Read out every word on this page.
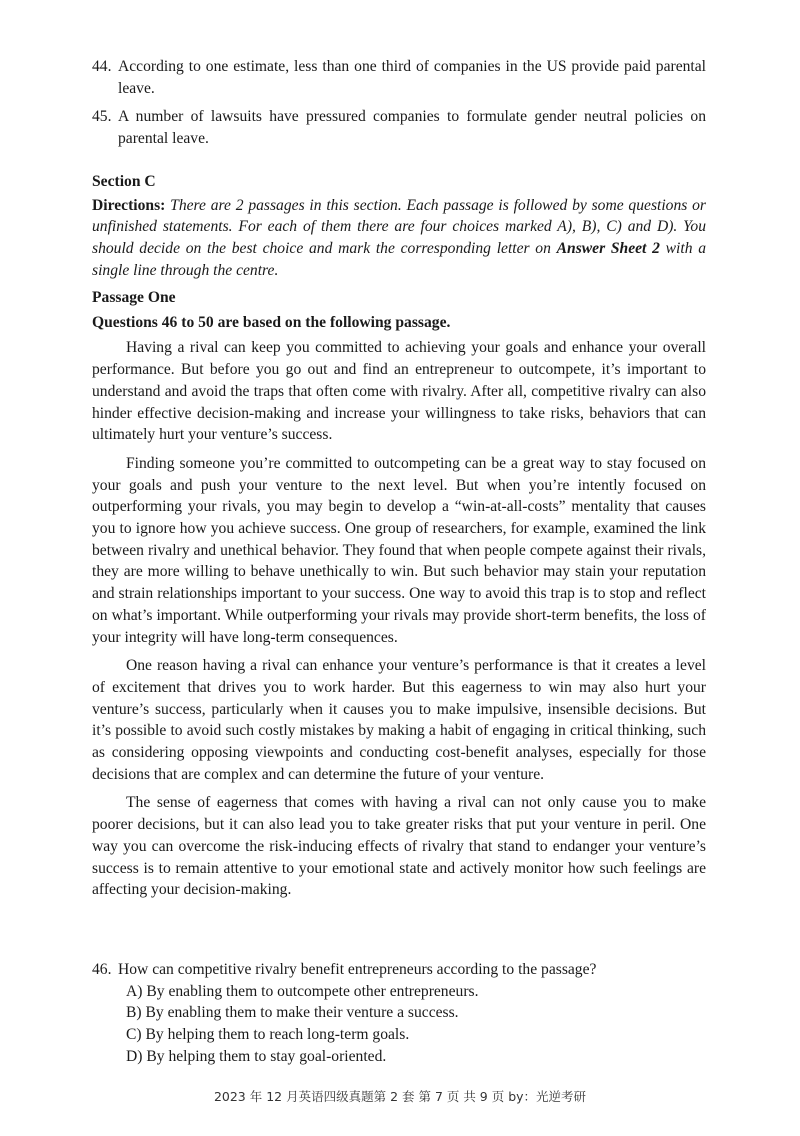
44. According to one estimate, less than one third of companies in the US provide paid parental leave.
45. A number of lawsuits have pressured companies to formulate gender neutral policies on parental leave.
Section C
Directions: There are 2 passages in this section. Each passage is followed by some questions or unfinished statements. For each of them there are four choices marked A), B), C) and D). You should decide on the best choice and mark the corresponding letter on Answer Sheet 2 with a single line through the centre.
Passage One
Questions 46 to 50 are based on the following passage.

Having a rival can keep you committed to achieving your goals and enhance your overall performance. But before you go out and find an entrepreneur to outcompete, it’s important to understand and avoid the traps that often come with rivalry. After all, competitive rivalry can also hinder effective decision-making and increase your willingness to take risks, behaviors that can ultimately hurt your venture’s success.

Finding someone you’re committed to outcompeting can be a great way to stay focused on your goals and push your venture to the next level. But when you’re intently focused on outperforming your rivals, you may begin to develop a “win-at-all-costs” mentality that causes you to ignore how you achieve success. One group of researchers, for example, examined the link between rivalry and unethical behavior. They found that when people compete against their rivals, they are more willing to behave unethically to win. But such behavior may stain your reputation and strain relationships important to your success. One way to avoid this trap is to stop and reflect on what’s important. While outperforming your rivals may provide short-term benefits, the loss of your integrity will have long-term consequences.

One reason having a rival can enhance your venture’s performance is that it creates a level of excitement that drives you to work harder. But this eagerness to win may also hurt your venture’s success, particularly when it causes you to make impulsive, insensible decisions. But it’s possible to avoid such costly mistakes by making a habit of engaging in critical thinking, such as considering opposing viewpoints and conducting cost-benefit analyses, especially for those decisions that are complex and can determine the future of your venture.

The sense of eagerness that comes with having a rival can not only cause you to make poorer decisions, but it can also lead you to take greater risks that put your venture in peril. One way you can overcome the risk-inducing effects of rivalry that stand to endanger your venture’s success is to remain attentive to your emotional state and actively monitor how such feelings are affecting your decision-making.

46. How can competitive rivalry benefit entrepreneurs according to the passage?
A) By enabling them to outcompete other entrepreneurs.
B) By enabling them to make their venture a success.
C) By helping them to reach long-term goals.
D) By helping them to stay goal-oriented.
2023 年 12 月英语四级真题第 2 套 第 7 页 共 9 页 by：光逆考研
